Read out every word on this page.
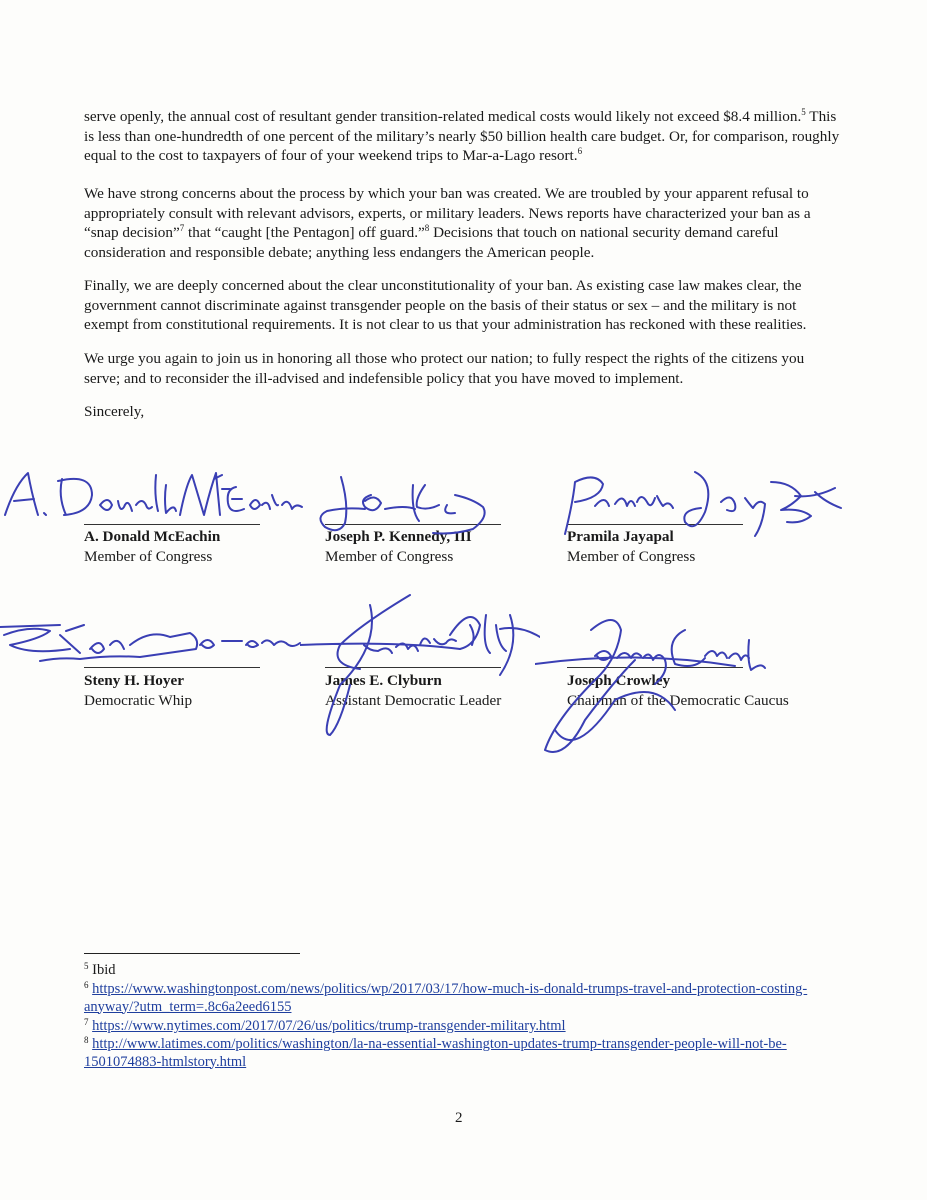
serve openly, the annual cost of resultant gender transition-related medical costs would likely not exceed $8.4 million.$^5$ This is less than one-hundredth of one percent of the military’s nearly $50 billion health care budget. Or, for comparison, roughly equal to the cost to taxpayers of four of your weekend trips to Mar-a-Lago resort.$^6$

We have strong concerns about the process by which your ban was created. We are troubled by your apparent refusal to appropriately consult with relevant advisors, experts, or military leaders. News reports have characterized your ban as a “snap decision”$^7$ that “caught [the Pentagon] off guard.”$^8$ Decisions that touch on national security demand careful consideration and responsible debate; anything less endangers the American people.

Finally, we are deeply concerned about the clear unconstitutionality of your ban. As existing case law makes clear, the government cannot discriminate against transgender people on the basis of their status or sex – and the military is not exempt from constitutional requirements. It is not clear to us that your administration has reckoned with these realities.

We urge you again to join us in honoring all those who protect our nation; to fully respect the rights of the citizens you serve; and to reconsider the ill-advised and indefensible policy that you have moved to implement.

Sincerely,

A. Donald McEachin
Member of Congress
Joseph P. Kennedy, III
Member of Congress
Pramila Jayapal
Member of Congress
Steny H. Hoyer
Democratic Whip
James E. Clyburn
Assistant Democratic Leader
Joseph Crowley
Chairman of the Democratic Caucus
$^5$ Ibid
$^6$ https://www.washingtonpost.com/news/politics/wp/2017/03/17/how-much-is-donald-trumps-travel-and-protection-costing-anyway/?utm_term=.8c6a2eed6155
$^7$ https://www.nytimes.com/2017/07/26/us/politics/trump-transgender-military.html
$^8$ http://www.latimes.com/politics/washington/la-na-essential-washington-updates-trump-transgender-people-will-not-be-1501074883-htmlstory.html
2
